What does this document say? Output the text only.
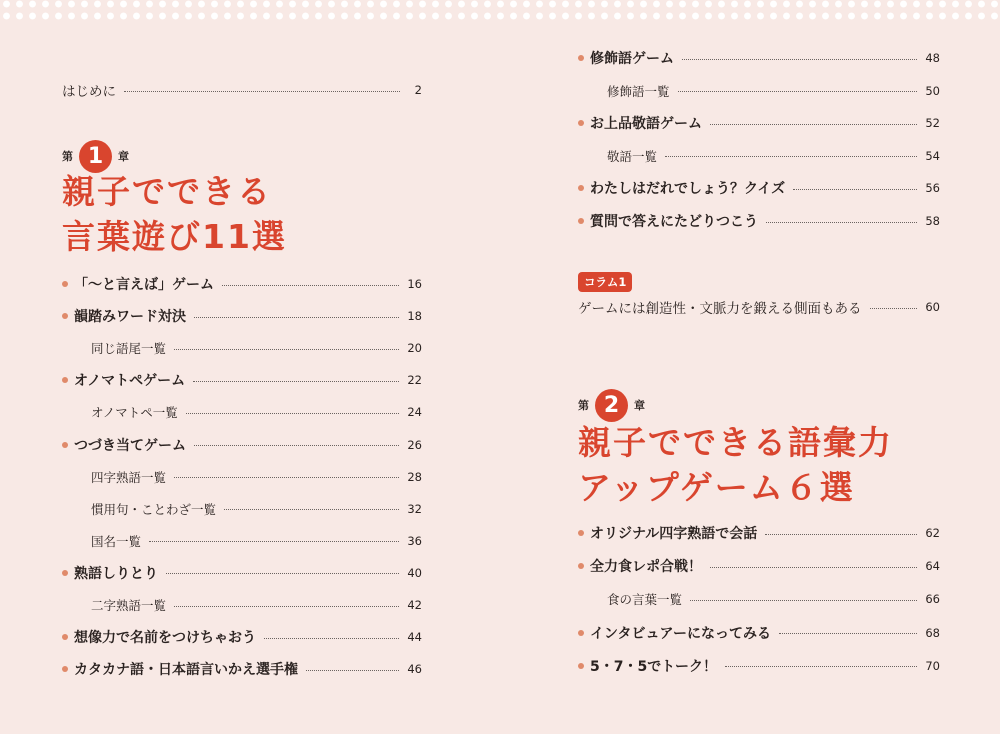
はじめに	2
第 1	章
親子でできる
言葉遊び11選
「〜と言えば」ゲーム	16
韻踏みワード対決	18
同じ語尾一覧	20
オノマトペゲーム	22
オノマトペ一覧	24
つづき当てゲーム	26
四字熟語一覧	28
慣用句・ことわざ一覧	32
国名一覧	36
熟語しりとり	40
二字熟語一覧	42
想像力で名前をつけちゃおう	44
カタカナ語・日本語言いかえ選手権	46
修飾語ゲーム	48
修飾語一覧	50
お上品敬語ゲーム	52
敬語一覧	54
わたしはだれでしょう？クイズ	56
質問で答えにたどりつこう	58
コラム1
ゲームには創造性・文脈力を鍛える側面もある	60
第 2	章
親子でできる語彙力
アップゲーム６選
オリジナル四字熟語で会話	62
全力食レポ合戦！	64
食の言葉一覧	66
インタビュアーになってみる	68
5・7・5でトーク！	70
